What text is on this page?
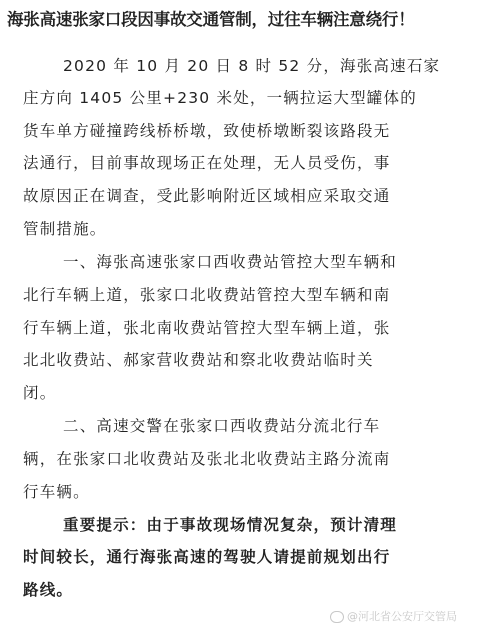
海张高速张家口段因事故交通管制，过往车辆注意绕行！
2020 年 10 月 20 日 8 时 52 分，海张高速石家
庄方向 1405 公里+230 米处，一辆拉运大型罐体的
货车单方碰撞跨线桥桥墩，致使桥墩断裂该路段无
法通行，目前事故现场正在处理，无人员受伤，事
故原因正在调查，受此影响附近区域相应采取交通
管制措施。
一、海张高速张家口西收费站管控大型车辆和
北行车辆上道，张家口北收费站管控大型车辆和南
行车辆上道，张北南收费站管控大型车辆上道，张
北北收费站、郝家营收费站和察北收费站临时关
闭。
二、高速交警在张家口西收费站分流北行车
辆，在张家口北收费站及张北北收费站主路分流南
行车辆。
重要提示：由于事故现场情况复杂，预计清理
时间较长，通行海张高速的驾驶人请提前规划出行
路线。
@河北省公安厅交管局
